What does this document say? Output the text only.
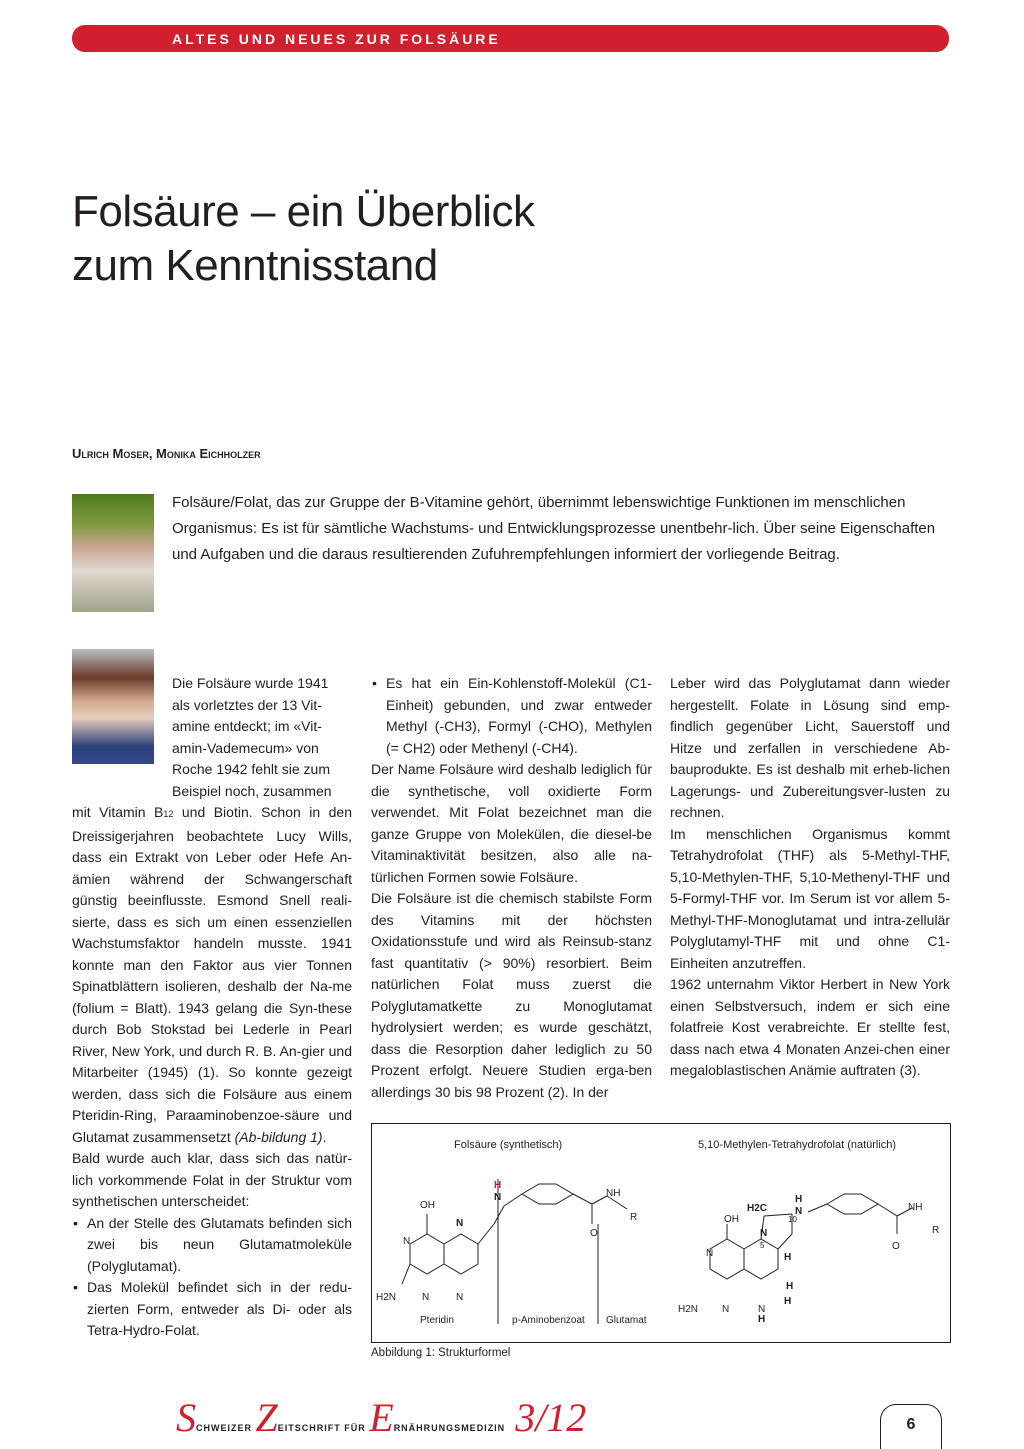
ALTES UND NEUES ZUR FOLSÄURE
Folsäure – ein Überblick
zum Kenntnisstand
Ulrich Moser, Monika Eichholzer
Folsäure/Folat, das zur Gruppe der B-Vitamine gehört, übernimmt lebenswichtige Funktionen im menschlichen Organismus: Es ist für sämtliche Wachstums- und Entwicklungsprozesse unentbehr-lich. Über seine Eigenschaften und Aufgaben und die daraus resultierenden Zufuhrempfehlungen informiert der vorliegende Beitrag.
Die Folsäure wurde 1941
als vorletztes der 13 Vit-
amine entdeckt; im «Vit-
amin-Vademecum» von
Roche 1942 fehlt sie zum
Beispiel noch, zusammen

mit Vitamin B12 und Biotin. Schon in den Dreissigerjahren beobachtete Lucy Wills, dass ein Extrakt von Leber oder Hefe An-ämien während der Schwangerschaft günstig beeinflusste. Esmond Snell reali-sierte, dass es sich um einen essenziellen Wachstumsfaktor handeln musste. 1941 konnte man den Faktor aus vier Tonnen Spinatblättern isolieren, deshalb der Na-me (folium = Blatt). 1943 gelang die Syn-these durch Bob Stokstad bei Lederle in Pearl River, New York, und durch R. B. An-gier und Mitarbeiter (1945) (1). So konnte gezeigt werden, dass sich die Folsäure aus einem Pteridin-Ring, Paraaminobenzoe-säure und Glutamat zusammensetzt (Ab-bildung 1).

Bald wurde auch klar, dass sich das natür-lich vorkommende Folat in der Struktur vom synthetischen unterscheidet:

• An der Stelle des Glutamats befinden sich zwei bis neun Glutamatmoleküle (Polyglutamat).
• Das Molekül befindet sich in der redu-zierten Form, entweder als Di- oder als Tetra-Hydro-Folat.
• Es hat ein Ein-Kohlenstoff-Molekül (C1-Einheit) gebunden, und zwar entweder Methyl (-CH3), Formyl (-CHO), Methylen (= CH2) oder Methenyl (-CH4).

Der Name Folsäure wird deshalb lediglich für die synthetische, voll oxidierte Form verwendet. Mit Folat bezeichnet man die ganze Gruppe von Molekülen, die diesel-be Vitaminaktivität besitzen, also alle na-türlichen Formen sowie Folsäure.

Die Folsäure ist die chemisch stabilste Form des Vitamins mit der höchsten Oxidationsstufe und wird als Reinsub-stanz fast quantitativ (> 90%) resorbiert. Beim natürlichen Folat muss zuerst die Polyglutamatkette zu Monoglutamat hydrolysiert werden; es wurde geschätzt, dass die Resorption daher lediglich zu 50 Prozent erfolgt. Neuere Studien erga-ben allerdings 30 bis 98 Prozent (2). In der

Leber wird das Polyglutamat dann wieder hergestellt. Folate in Lösung sind emp-findlich gegenüber Licht, Sauerstoff und Hitze und zerfallen in verschiedene Ab-bauprodukte. Es ist deshalb mit erheb-lichen Lagerungs- und Zubereitungsver-lusten zu rechnen.

Im menschlichen Organismus kommt Tetrahydrofolat (THF) als 5-Methyl-THF, 5,10-Methylen-THF, 5,10-Methenyl-THF und 5-Formyl-THF vor. Im Serum ist vor allem 5-Methyl-THF-Monoglutamat und intra-zellulär Polyglutamyl-THF mit und ohne C1-Einheiten anzutreffen.

1962 unternahm Viktor Herbert in New York einen Selbstversuch, indem er sich eine folatfreie Kost verabreichte. Er stellte fest, dass nach etwa 4 Monaten Anzei-chen einer megaloblastischen Anämie auftraten (3).

Folsäure (synthetisch)	5,10-Methylen-Tetrahydrofolat (natürlich)
OH
N
N
H2N	N	N
H
N	NH
R
O
Pteridin	p-Aminobenzoat Glutamat
H2C
OH
H
N
10
N
5
H
N
H
H
H2N N	N
H
NH
R
O
Abbildung 1: Strukturformel
SCHWEIZER ZEITSCHRIFT FÜR ERNÄHRUNGSMEDIZIN 3/12	6
